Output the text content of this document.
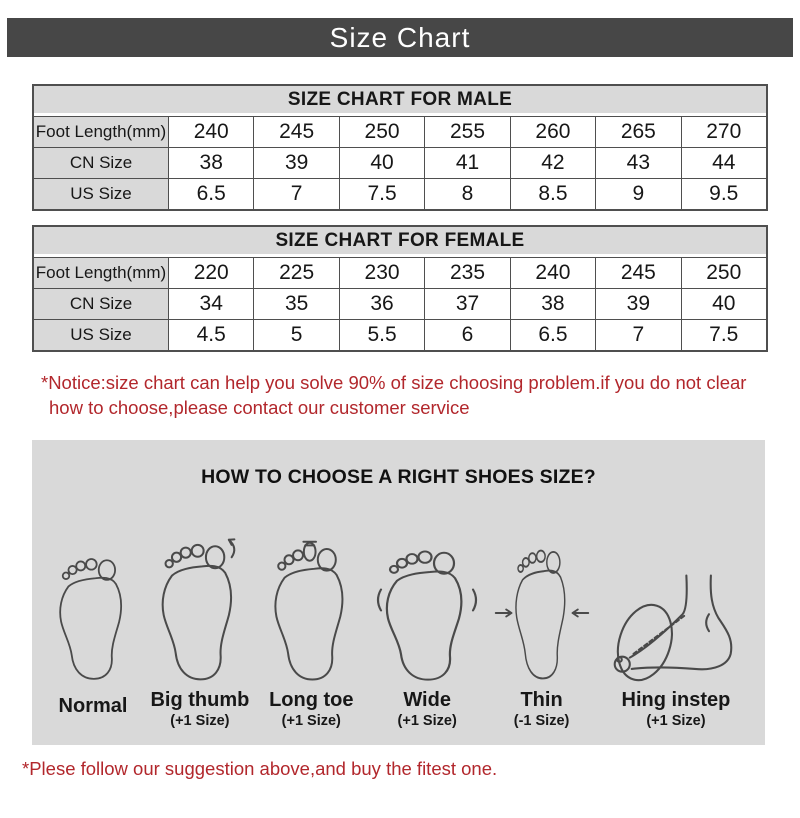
Size Chart
SIZE CHART FOR MALE
Foot Length(mm)	240	245	250	255	260	265	270
CN Size	38	39	40	41	42	43	44
US Size	6.5	7	7.5	8	8.5	9	9.5
SIZE CHART FOR FEMALE
Foot Length(mm)	220	225	230	235	240	245	250
CN Size	34	35	36	37	38	39	40
US Size	4.5	5	5.5	6	6.5	7	7.5
*Notice:size chart can help you solve 90% of size choosing problem.if you do not clear
how to choose,please contact our customer service
HOW TO CHOOSE A RIGHT SHOES SIZE?
Normal Big thumb
(+1 Size)
Long toe
(+1 Size)
Wide
(+1 Size)
Thin
(-1 Size)
Hing instep
(+1 Size)
*Plese follow our suggestion above,and buy the fitest one.
